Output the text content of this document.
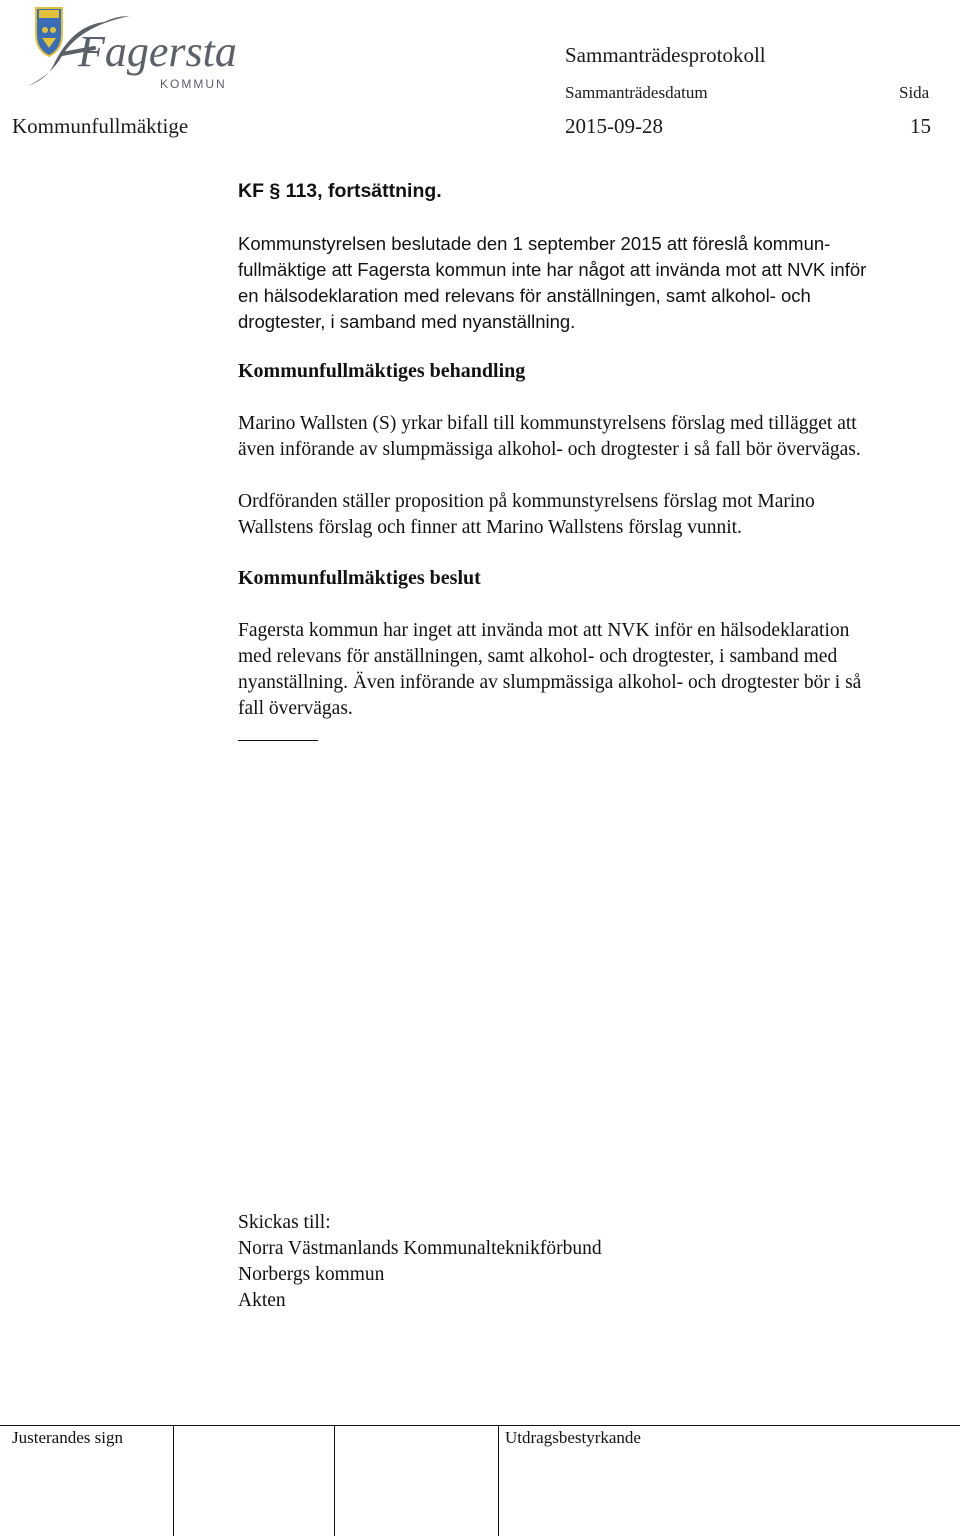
Fagersta
KOMMUN
Sammanträdesprotokoll
Sammanträdesdatum	Sida
Kommunfullmäktige	2015-09-28	15
KF § 113, fortsättning.

Kommunstyrelsen beslutade den 1 september 2015 att föreslå kommun-
fullmäktige att Fagersta kommun inte har något att invända mot att NVK inför
en hälsodeklaration med relevans för anställningen, samt alkohol- och
drogtester, i samband med nyanställning.

Kommunfullmäktiges behandling

Marino Wallsten (S) yrkar bifall till kommunstyrelsens förslag med tillägget att
även införande av slumpmässiga alkohol- och drogtester i så fall bör övervägas.

Ordföranden ställer proposition på kommunstyrelsens förslag mot Marino
Wallstens förslag och finner att Marino Wallstens förslag vunnit.

Kommunfullmäktiges beslut

Fagersta kommun har inget att invända mot att NVK inför en hälsodeklaration
med relevans för anställningen, samt alkohol- och drogtester, i samband med
nyanställning. Även införande av slumpmässiga alkohol- och drogtester bör i så
fall övervägas.

Skickas till:
Norra Västmanlands Kommunalteknikförbund
Norbergs kommun
Akten

Justerandes sign	Utdragsbestyrkande
